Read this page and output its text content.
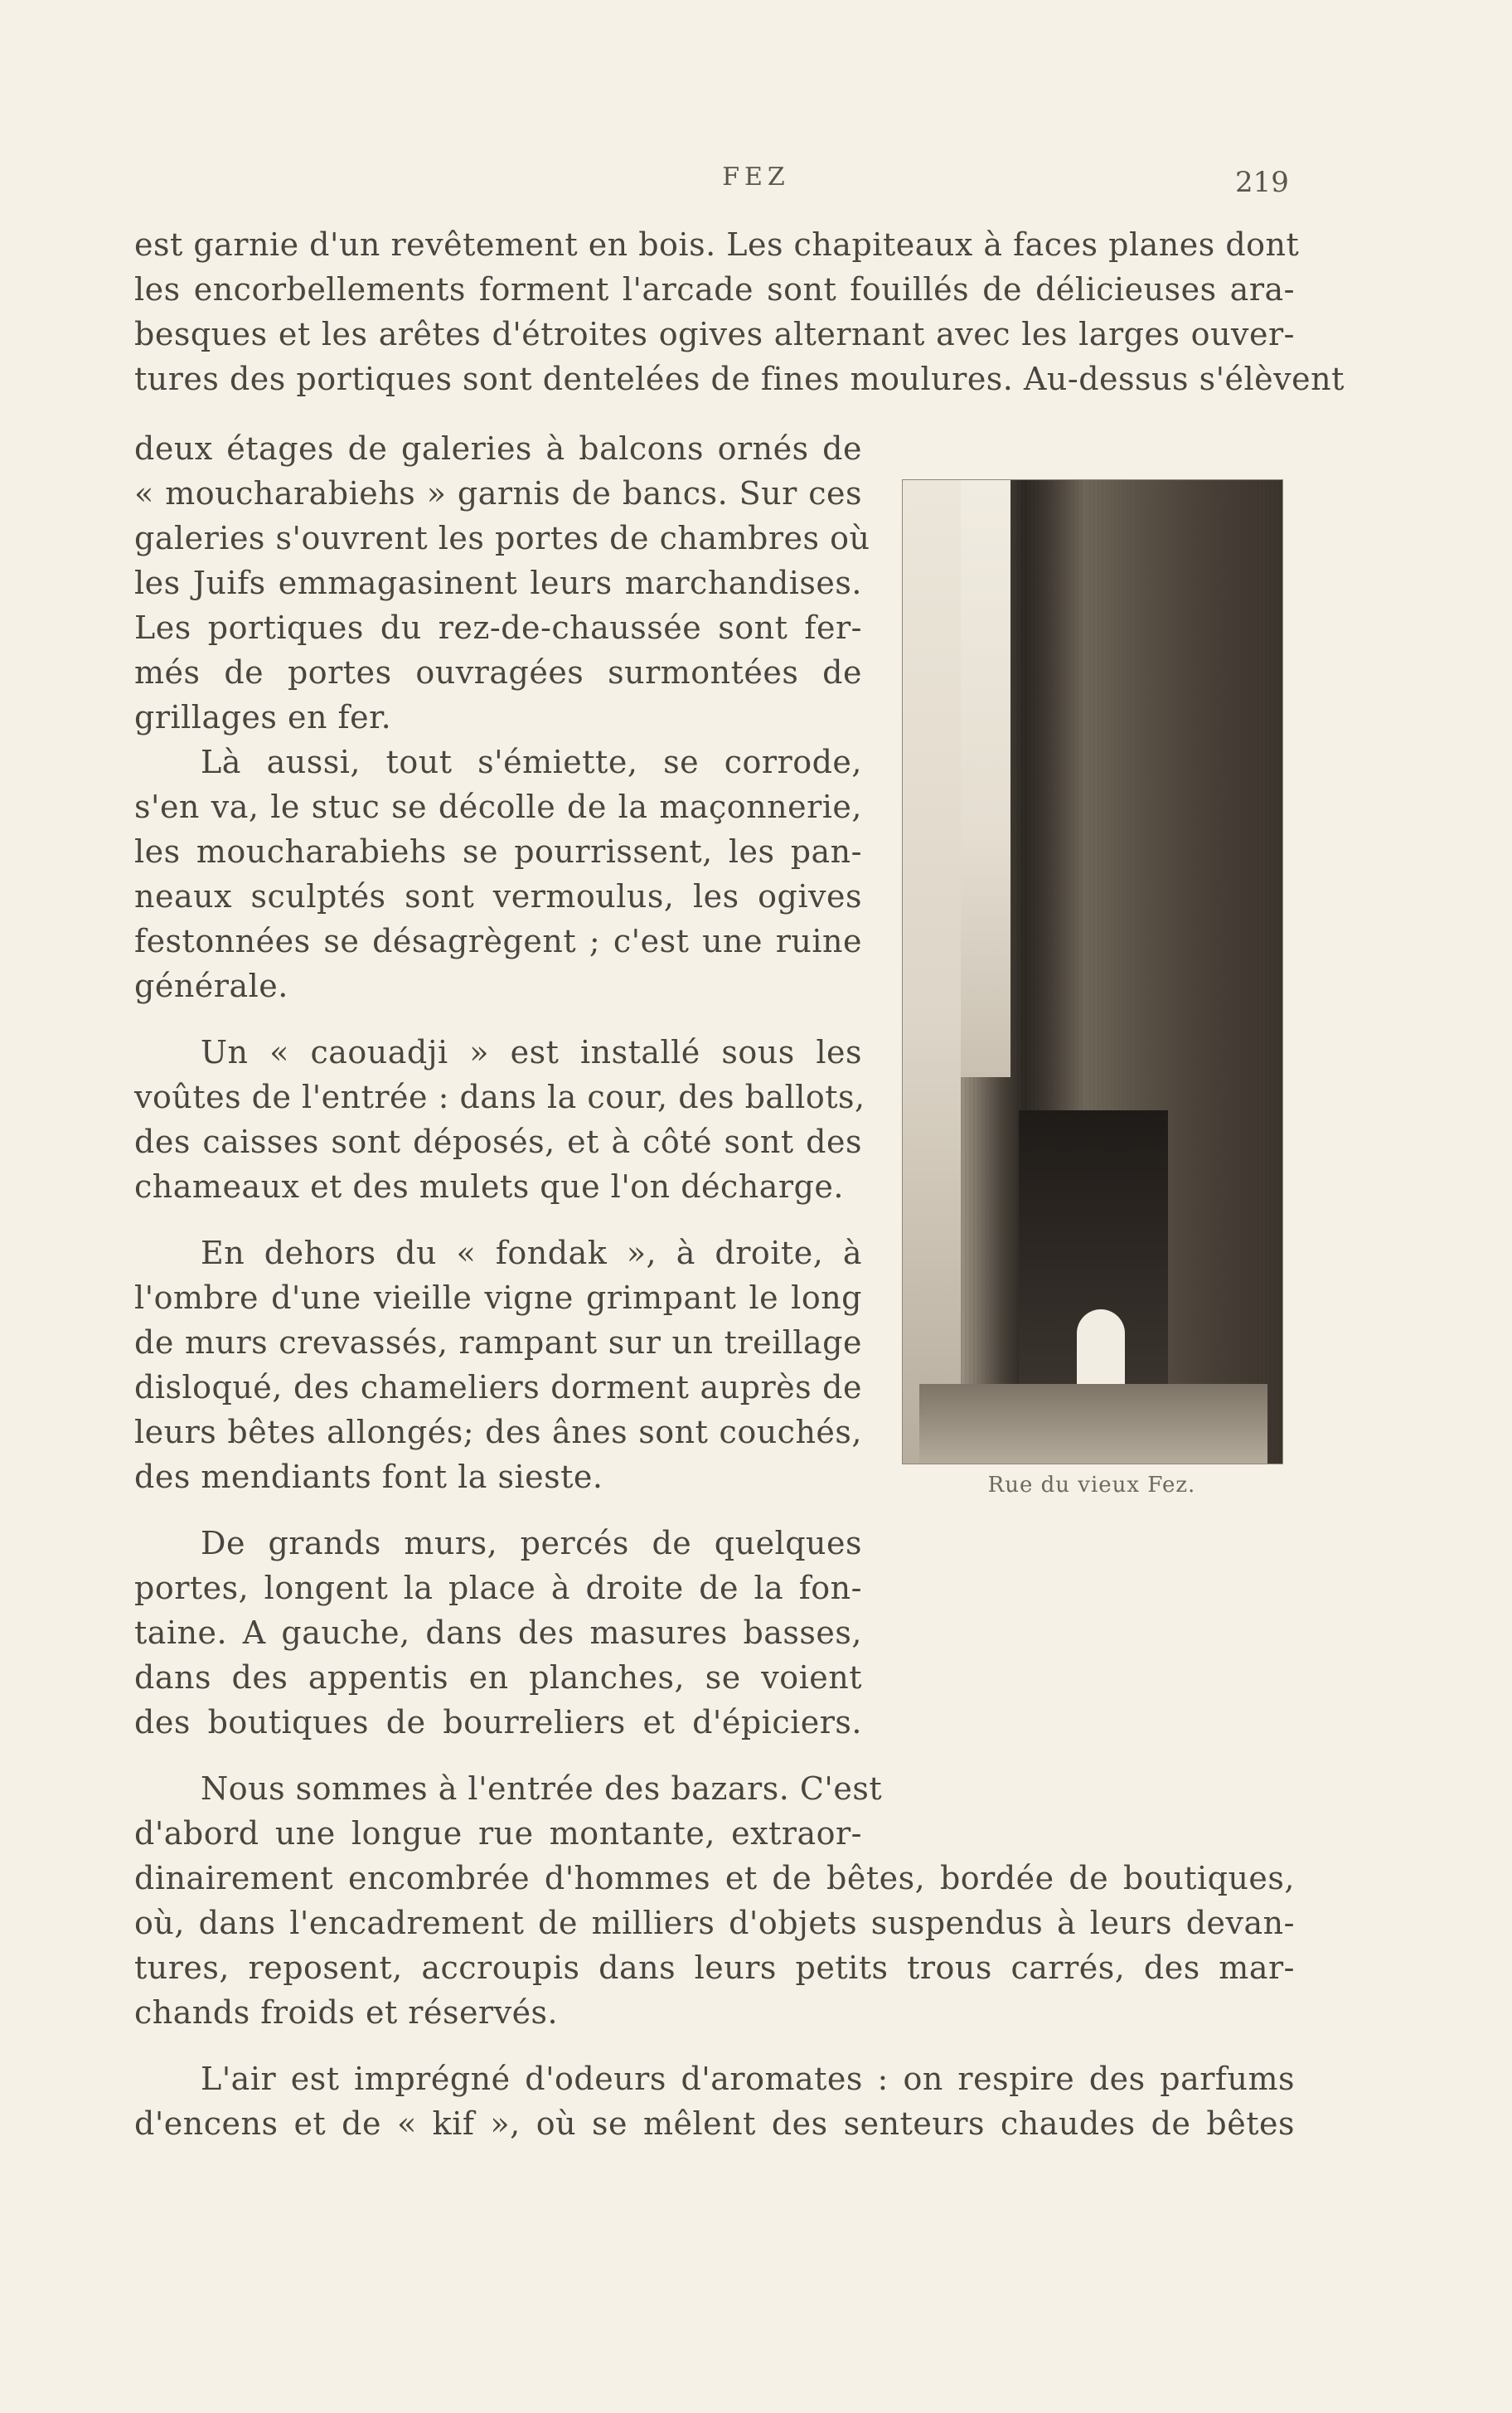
FEZ	219
est garnie d'un revêtement en bois. Les chapiteaux à faces planes dont
les encorbellements forment l'arcade sont fouillés de délicieuses ara-
besques et les arêtes d'étroites ogives alternant avec les larges ouver-
tures des portiques sont dentelées de fines moulures. Au-dessus s'élèvent
deux étages de galeries à balcons ornés de
« moucharabiehs » garnis de bancs. Sur ces
galeries s'ouvrent les portes de chambres où
les Juifs emmagasinent leurs marchandises.
Les portiques du rez-de-chaussée sont fer-
més de portes ouvragées surmontées de
grillages en fer.
Là aussi, tout s'émiette, se corrode,
s'en va, le stuc se décolle de la maçonnerie,
les moucharabiehs se pourrissent, les pan-
neaux sculptés sont vermoulus, les ogives
festonnées se désagrègent ; c'est une ruine
générale.
Un « caouadji » est installé sous les
voûtes de l'entrée : dans la cour, des ballots,
des caisses sont déposés, et à côté sont des
chameaux et des mulets que l'on décharge.
En dehors du « fondak », à droite, à
l'ombre d'une vieille vigne grimpant le long
de murs crevassés, rampant sur un treillage
disloqué, des chameliers dorment auprès de
leurs bêtes allongés; des ânes sont couchés,
des mendiants font la sieste.
De grands murs, percés de quelques
portes, longent la place à droite de la fon-
taine. A gauche, dans des masures basses,
dans des appentis en planches, se voient
des boutiques de bourreliers et d'épiciers.
Nous sommes à l'entrée des bazars. C'est
d'abord une longue rue montante, extraor-
dinairement encombrée d'hommes et de bêtes, bordée de boutiques,
où, dans l'encadrement de milliers d'objets suspendus à leurs devan-
tures, reposent, accroupis dans leurs petits trous carrés, des mar-
chands froids et réservés.
L'air est imprégné d'odeurs d'aromates : on respire des parfums
d'encens et de « kif », où se mêlent des senteurs chaudes de bêtes
Rue du vieux Fez.
